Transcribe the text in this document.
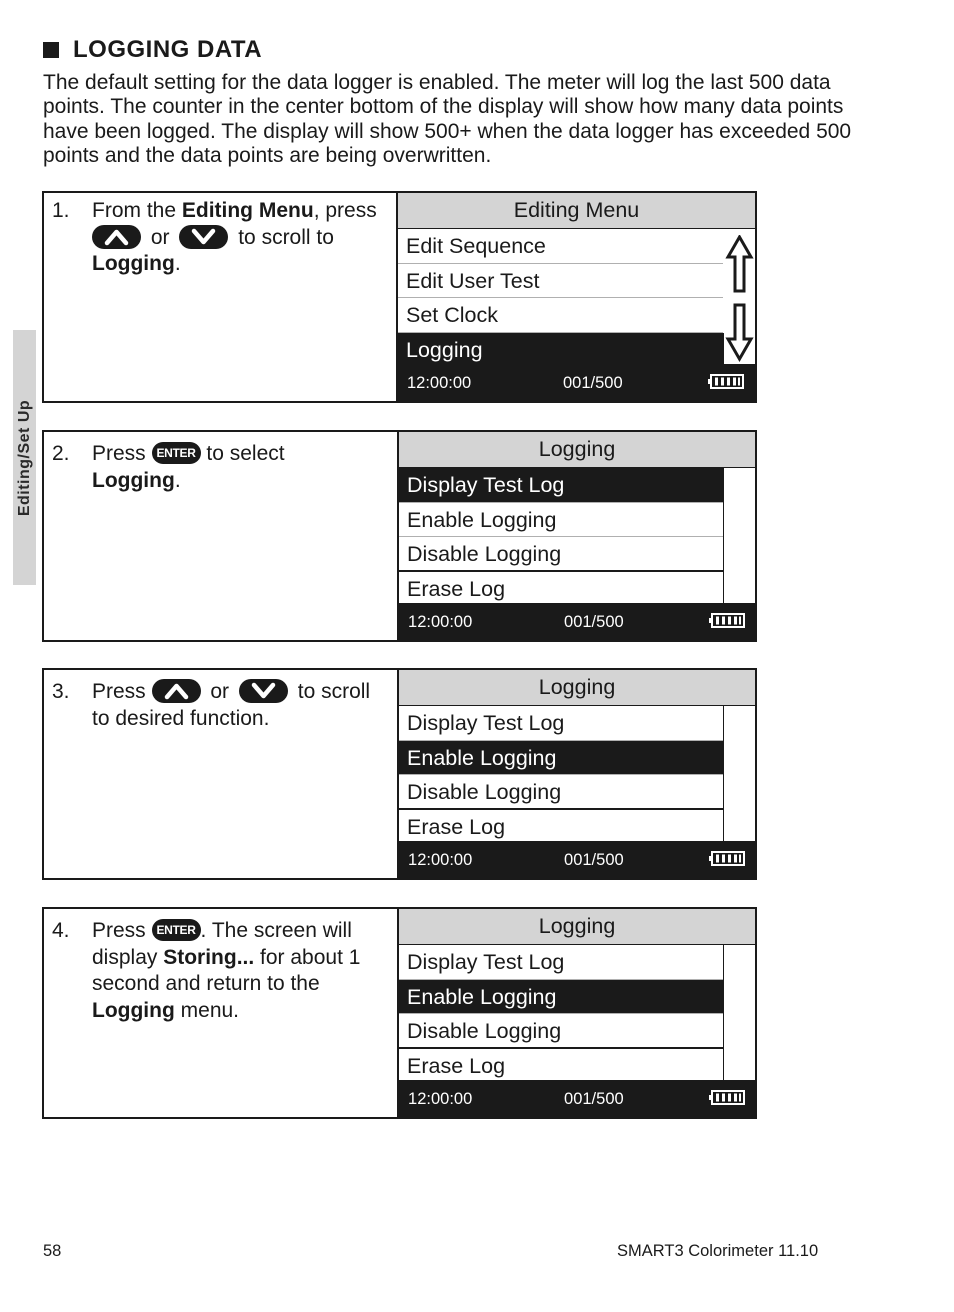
Editing/Set Up
LOGGING DATA
The default setting for the data logger is enabled. The meter will log the last 500 data points. The counter in the center bottom of the display will show how many data points have been logged. The display will show 500+ when the data logger has exceeded 500 points and the data points are being overwritten.
1.	From the Editing Menu, press

or	to scroll to
Logging.
Editing Menu
Edit Sequence
Edit User Test
Set Clock
Logging
12:00:00	001/500
2.	Press ENTER to select
Logging.
Logging
Display Test Log
Enable Logging
Disable Logging
Erase Log
12:00:00	001/500
3.	Press	or	to scroll
to desired function.
Logging
Display Test Log
Enable Logging
Disable Logging
Erase Log
12:00:00	001/500
4.	Press ENTER . The screen will display Storing... for about 1 second and return to the Logging menu.
Logging
Display Test Log
Enable Logging
Disable Logging
Erase Log
12:00:00	001/500
58	SMART3 Colorimeter 11.10
